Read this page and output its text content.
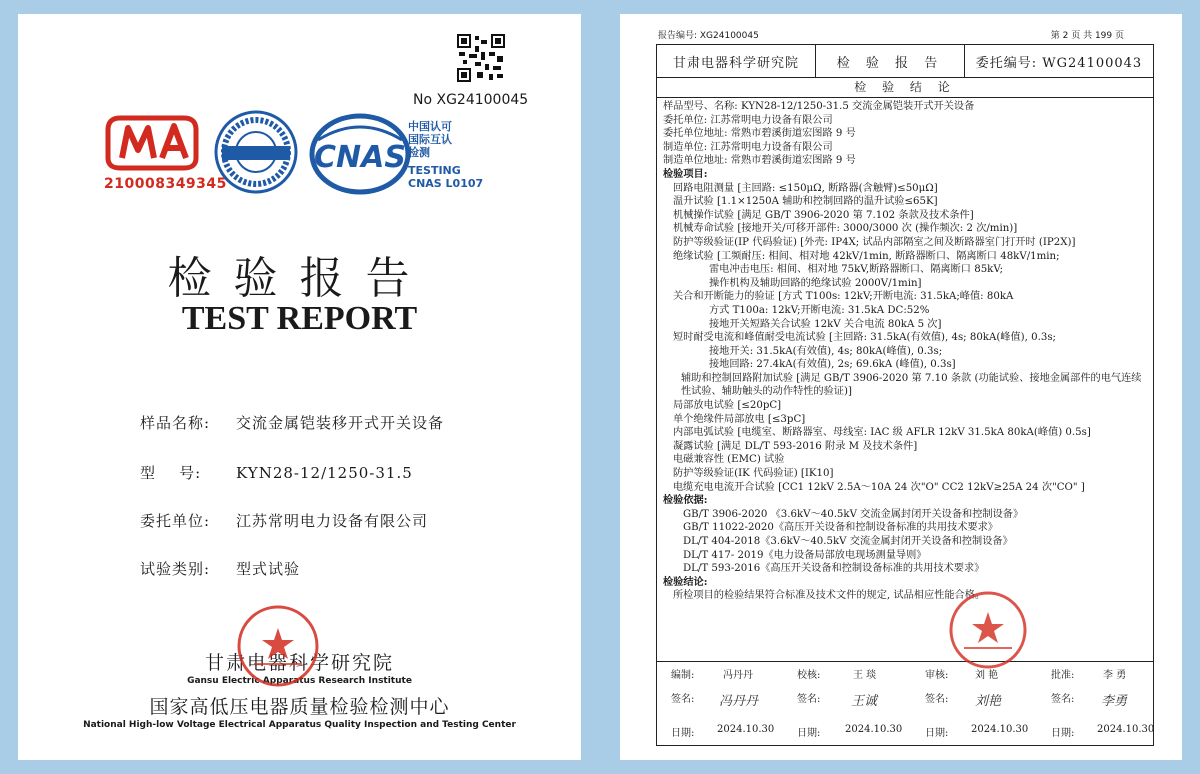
No XG24100045
CNAS
210008349345
中国认可
国际互认
检测
TESTING
CNAS L0107
检验报告
TEST REPORT
样品名称: 交流金属铠装移开式开关设备
型    号: KYN28-12/1250-31.5
委托单位: 江苏常明电力设备有限公司
试验类别: 型式试验
甘肃电器科学研究院
Gansu Electric Apparatus Research Institute
国家高低压电器质量检验检测中心
National High-low Voltage Electrical Apparatus Quality Inspection and Testing Center
报告编号: XG24100045	第 2 页 共 199 页
甘肃电器科学研究院	检 验 报 告	委托编号: WG24100043
检 验 结 论
样品型号、名称: KYN28-12/1250-31.5 交流金属铠装开式开关设备
委托单位: 江苏常明电力设备有限公司
委托单位地址: 常熟市碧溪街道宏图路 9 号
制造单位: 江苏常明电力设备有限公司
制造单位地址: 常熟市碧溪街道宏图路 9 号
检验项目:
回路电阻测量 [主回路: ≤150μΩ, 断路器(含触臂)≤50μΩ]
温升试验 [1.1×1250A 辅助和控制回路的温升试验≤65K]
机械操作试验 [满足 GB/T 3906-2020 第 7.102 条款及技术条件]
机械寿命试验 [接地开关/可移开部件: 3000/3000 次 (操作频次: 2 次/min)]
防护等级验证(IP 代码验证) [外壳: IP4X; 试品内部隔室之间及断路器室门打开时 (IP2X)]
绝缘试验 [工频耐压: 相间、相对地 42kV/1min, 断路器断口、隔离断口 48kV/1min;
雷电冲击电压: 相间、相对地 75kV,断路器断口、隔离断口 85kV;
操作机构及辅助回路的绝缘试验 2000V/1min]
关合和开断能力的验证 [方式 T100s: 12kV;开断电流: 31.5kA;峰值: 80kA
方式 T100a: 12kV;开断电流: 31.5kA DC:52%
接地开关短路关合试验 12kV 关合电流 80kA 5 次]
短时耐受电流和峰值耐受电流试验 [主回路: 31.5kA(有效值), 4s; 80kA(峰值), 0.3s;
接地开关: 31.5kA(有效值), 4s; 80kA(峰值), 0.3s;
接地回路: 27.4kA(有效值), 2s; 69.6kA (峰值), 0.3s]
辅助和控制回路附加试验 [满足 GB/T 3906-2020 第 7.10 条款 (功能试验、接地金属部件的电气连续性试验、辅助触头的动作特性的验证)]
局部放电试验 [≤20pC]
单个绝缘件局部放电 [≤3pC]
内部电弧试验 [电缆室、断路器室、母线室: IAC 级 AFLR 12kV 31.5kA 80kA(峰值) 0.5s]
凝露试验 [满足 DL/T 593-2016 附录 M 及技术条件]
电磁兼容性 (EMC) 试验
防护等级验证(IK 代码验证) [IK10]
电缆充电电流开合试验 [CC1 12kV 2.5A～10A 24 次"O" CC2 12kV≥25A 24 次"CO" ]
检验依据:
GB/T 3906-2020 《3.6kV～40.5kV 交流金属封闭开关设备和控制设备》
GB/T 11022-2020《高压开关设备和控制设备标准的共用技术要求》
DL/T 404-2018《3.6kV～40.5kV 交流金属封闭开关设备和控制设备》
DL/T 417- 2019《电力设备局部放电现场测量导则》
DL/T 593-2016《高压开关设备和控制设备标准的共用技术要求》
检验结论:
所检项目的检验结果符合标准及技术文件的规定, 试品相应性能合格。
编制:	冯丹丹	校核:	王 琰	审核:	刘 艳	批准:	李 勇
签名: 冯丹丹	签名: 王诚	签名: 刘艳	签名: 李勇
日期: 2024.10.30 日期: 2024.10.30 日期: 2024.10.30 日期: 2024.10.30
